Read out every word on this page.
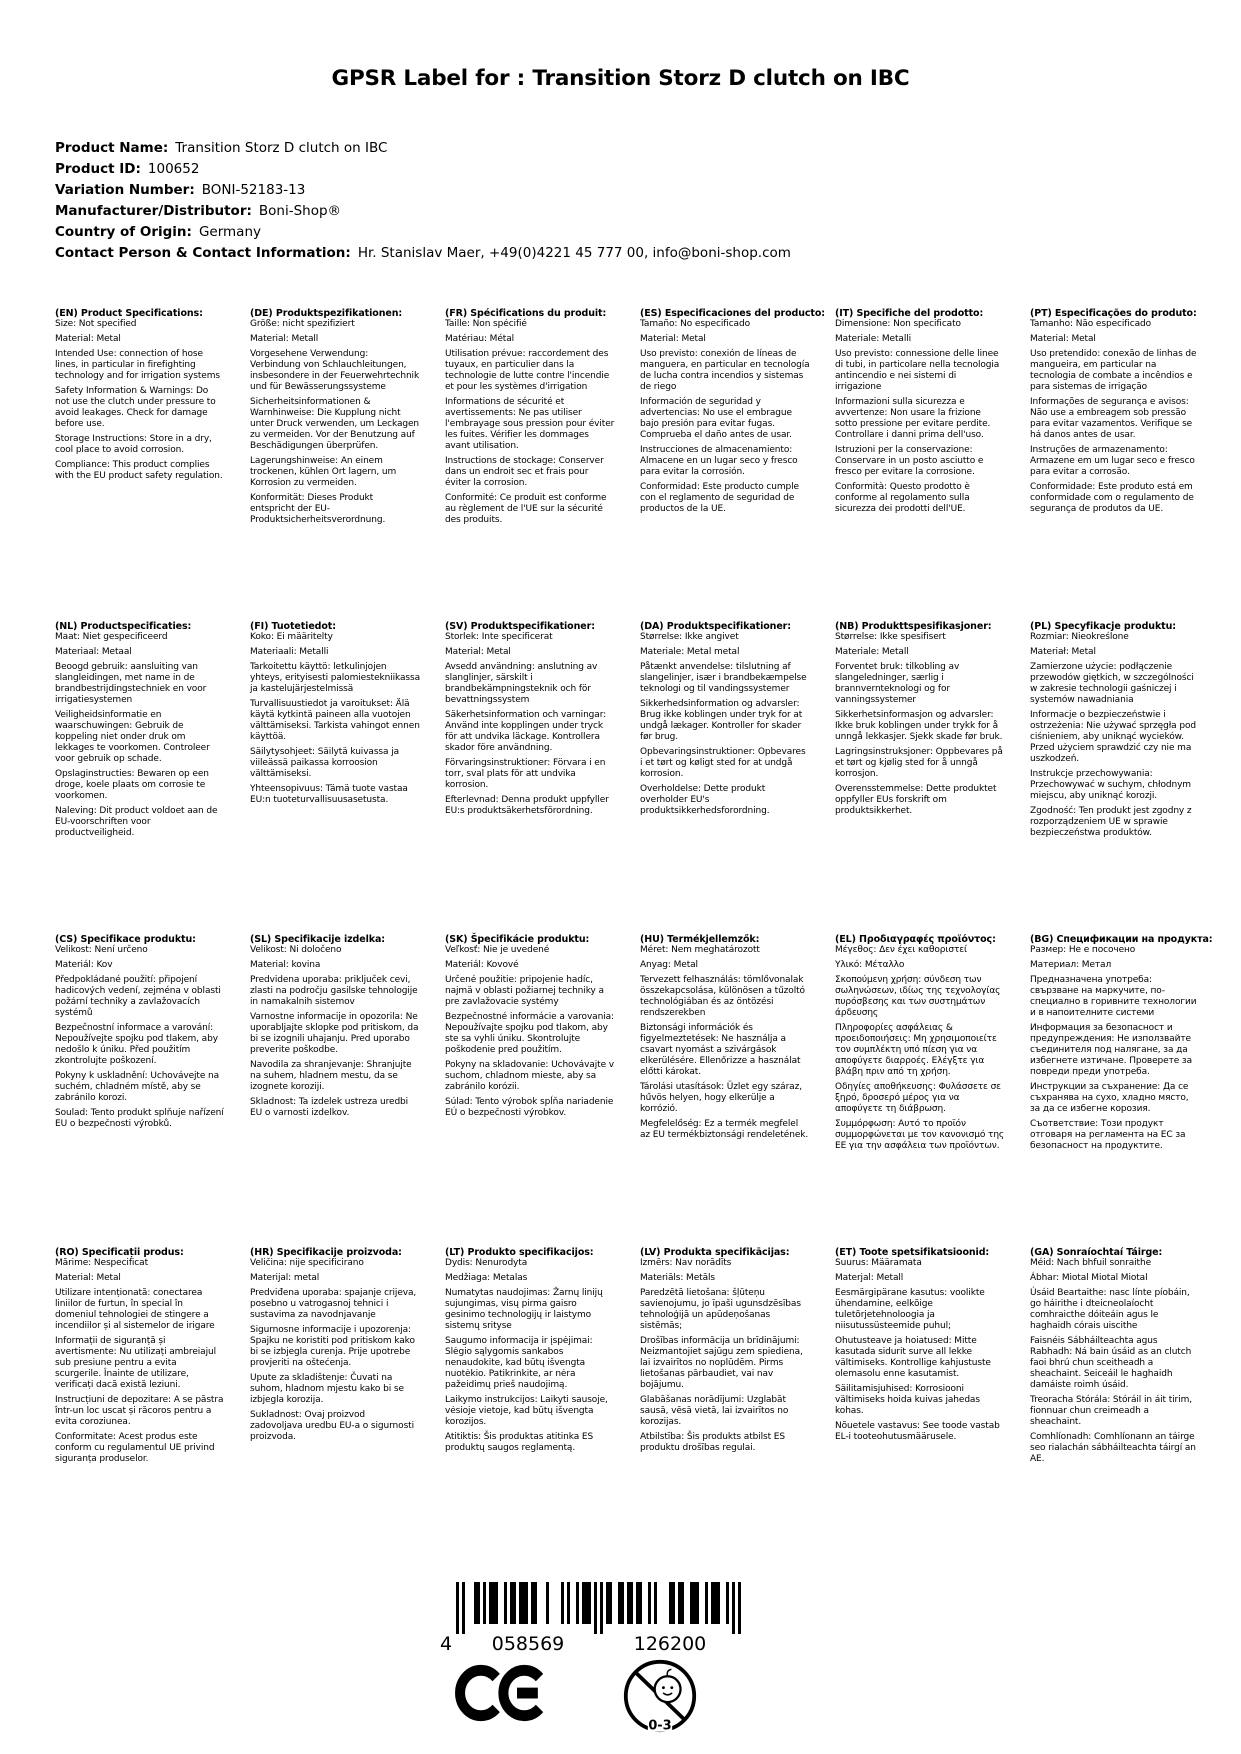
GPSR Label for : Transition Storz D clutch on IBC
Product Name: Transition Storz D clutch on IBC
Product ID: 100652
Variation Number: BONI-52183-13
Manufacturer/Distributor: Boni-Shop®
Country of Origin: Germany
Contact Person & Contact Information: Hr. Stanislav Maer, +49(0)4221 45 777 00, info@boni-shop.com

(EN) Product Specifications:

Size: Not specified

Material: Metal

Intended Use: connection of hose lines, in particular in firefighting technology and for irrigation systems

Safety Information & Warnings: Do not use the clutch under pressure to avoid leakages. Check for damage before use.

Storage Instructions: Store in a dry, cool place to avoid corrosion.

Compliance: This product complies with the EU product safety regulation.

(DE) Produktspezifikationen:

Größe: nicht spezifiziert

Material: Metall

Vorgesehene Verwendung: Verbindung von Schlauchleitungen, insbesondere in der Feuerwehrtechnik und für Bewässerungssysteme

Sicherheitsinformationen & Warnhinweise: Die Kupplung nicht unter Druck verwenden, um Leckagen zu vermeiden. Vor der Benutzung auf Beschädigungen überprüfen.

Lagerungshinweise: An einem trockenen, kühlen Ort lagern, um Korrosion zu vermeiden.

Konformität: Dieses Produkt entspricht der EU-Produktsicherheitsverordnung.

(FR) Spécifications du produit:

Taille: Non spécifié

Matériau: Métal

Utilisation prévue: raccordement des tuyaux, en particulier dans la technologie de lutte contre l'incendie et pour les systèmes d'irrigation

Informations de sécurité et avertissements: Ne pas utiliser l'embrayage sous pression pour éviter les fuites. Vérifier les dommages avant utilisation.

Instructions de stockage: Conserver dans un endroit sec et frais pour éviter la corrosion.

Conformité: Ce produit est conforme au règlement de l'UE sur la sécurité des produits.

(ES) Especificaciones del producto:

Tamaño: No especificado

Material: Metal

Uso previsto: conexión de líneas de manguera, en particular en tecnología de lucha contra incendios y sistemas de riego

Información de seguridad y advertencias: No use el embrague bajo presión para evitar fugas. Comprueba el daño antes de usar.

Instrucciones de almacenamiento: Almacene en un lugar seco y fresco para evitar la corrosión.

Conformidad: Este producto cumple con el reglamento de seguridad de productos de la UE.

(IT) Specifiche del prodotto:

Dimensione: Non specificato

Materiale: Metalli

Uso previsto: connessione delle linee di tubi, in particolare nella tecnologia antincendio e nei sistemi di irrigazione

Informazioni sulla sicurezza e avvertenze: Non usare la frizione sotto pressione per evitare perdite. Controllare i danni prima dell'uso.

Istruzioni per la conservazione: Conservare in un posto asciutto e fresco per evitare la corrosione.

Conformità: Questo prodotto è conforme al regolamento sulla sicurezza dei prodotti dell'UE.

(PT) Especificações do produto:

Tamanho: Não especificado

Material: Metal

Uso pretendido: conexão de linhas de mangueira, em particular na tecnologia de combate a incêndios e para sistemas de irrigação

Informações de segurança e avisos: Não use a embreagem sob pressão para evitar vazamentos. Verifique se há danos antes de usar.

Instruções de armazenamento: Armazene em um lugar seco e fresco para evitar a corrosão.

Conformidade: Este produto está em conformidade com o regulamento de segurança de produtos da UE.

(NL) Productspecificaties:

Maat: Niet gespecificeerd

Materiaal: Metaal

Beoogd gebruik: aansluiting van slangleidingen, met name in de brandbestrijdingstechniek en voor irrigatiesystemen

Veiligheidsinformatie en waarschuwingen: Gebruik de koppeling niet onder druk om lekkages te voorkomen. Controleer voor gebruik op schade.

Opslaginstructies: Bewaren op een droge, koele plaats om corrosie te voorkomen.

Naleving: Dit product voldoet aan de EU-voorschriften voor productveiligheid.

(FI) Tuotetiedot:

Koko: Ei määritelty

Materiaali: Metalli

Tarkoitettu käyttö: letkulinjojen yhteys, erityisesti palomiestekniikassa ja kastelujärjestelmissä

Turvallisuustiedot ja varoitukset: Älä käytä kytkintä paineen alla vuotojen välttämiseksi. Tarkista vahingot ennen käyttöä.

Säilytysohjeet: Säilytä kuivassa ja viileässä paikassa korroosion välttämiseksi.

Yhteensopivuus: Tämä tuote vastaa EU:n tuoteturvallisuusasetusta.

(SV) Produktspecifikationer:

Storlek: Inte specificerat

Material: Metal

Avsedd användning: anslutning av slanglinjer, särskilt i brandbekämpningsteknik och för bevattningssystem

Säkerhetsinformation och varningar: Använd inte kopplingen under tryck för att undvika läckage. Kontrollera skador före användning.

Förvaringsinstruktioner: Förvara i en torr, sval plats för att undvika korrosion.

Efterlevnad: Denna produkt uppfyller EU:s produktsäkerhetsförordning.

(DA) Produktspecifikationer:

Størrelse: Ikke angivet

Materiale: Metal metal

Påtænkt anvendelse: tilslutning af slangelinjer, især i brandbekæmpelse teknologi og til vandingssystemer

Sikkerhedsinformation og advarsler: Brug ikke koblingen under tryk for at undgå lækager. Kontroller for skader før brug.

Opbevaringsinstruktioner: Opbevares i et tørt og køligt sted for at undgå korrosion.

Overholdelse: Dette produkt overholder EU's produktsikkerhedsforordning.

(NB) Produkttspesifikasjoner:

Størrelse: Ikke spesifisert

Materiale: Metall

Forventet bruk: tilkobling av slangeledninger, særlig i brannvernteknologi og for vanningssystemer

Sikkerhetsinformasjon og advarsler: Ikke bruk koblingen under trykk for å unngå lekkasjer. Sjekk skade før bruk.

Lagringsinstruksjoner: Oppbevares på et tørt og kjølig sted for å unngå korrosjon.

Overensstemmelse: Dette produktet oppfyller EUs forskrift om produktsikkerhet.

(PL) Specyfikacje produktu:

Rozmiar: Nieokreślone

Materiał: Metal

Zamierzone użycie: podłączenie przewodów giętkich, w szczególności w zakresie technologii gaśniczej i systemów nawadniania

Informacje o bezpieczeństwie i ostrzeżenia: Nie używać sprzęgła pod ciśnieniem, aby uniknąć wycieków. Przed użyciem sprawdzić czy nie ma uszkodzeń.

Instrukcje przechowywania: Przechowywać w suchym, chłodnym miejscu, aby uniknąć korozji.

Zgodność: Ten produkt jest zgodny z rozporządzeniem UE w sprawie bezpieczeństwa produktów.

(CS) Specifikace produktu:

Velikost: Není určeno

Materiál: Kov

Předpokládané použití: připojení hadicových vedení, zejména v oblasti požární techniky a zavlažovacích systémů

Bezpečnostní informace a varování: Nepoužívejte spojku pod tlakem, aby nedošlo k úniku. Před použitím zkontrolujte poškození.

Pokyny k uskladnění: Uchovávejte na suchém, chladném místě, aby se zabránilo korozi.

Soulad: Tento produkt splňuje nařízení EU o bezpečnosti výrobků.

(SL) Specifikacije izdelka:

Velikost: Ni določeno

Material: kovina

Predvidena uporaba: priključek cevi, zlasti na področju gasilske tehnologije in namakalnih sistemov

Varnostne informacije in opozorila: Ne uporabljajte sklopke pod pritiskom, da bi se izognili uhajanju. Pred uporabo preverite poškodbe.

Navodila za shranjevanje: Shranjujte na suhem, hladnem mestu, da se izognete koroziji.

Skladnost: Ta izdelek ustreza uredbi EU o varnosti izdelkov.

(SK) Špecifikácie produktu:

Veľkosť: Nie je uvedené

Materiál: Kovové

Určené použitie: pripojenie hadíc, najmä v oblasti požiarnej techniky a pre zavlažovacie systémy

Bezpečnostné informácie a varovania: Nepoužívajte spojku pod tlakom, aby ste sa vyhli úniku. Skontrolujte poškodenie pred použitím.

Pokyny na skladovanie: Uchovávajte v suchom, chladnom mieste, aby sa zabránilo korózii.

Súlad: Tento výrobok spĺňa nariadenie EÚ o bezpečnosti výrobkov.

(HU) Termékjellemzők:

Méret: Nem meghatározott

Anyag: Metal

Tervezett felhasználás: tömlővonalak összekapcsolása, különösen a tűzoltó technológiában és az öntözési rendszerekben

Biztonsági információk és figyelmeztetések: Ne használja a csavart nyomást a szivárgások elkerülésére. Ellenőrizze a használat előtti károkat.

Tárolási utasítások: Üzlet egy száraz, hűvös helyen, hogy elkerülje a korrózió.

Megfelelőség: Ez a termék megfelel az EU termékbiztonsági rendeletének.

(EL) Προδιαγραφές προϊόντος:

Μέγεθος: Δεν έχει καθοριστεί

Υλικό: Μέταλλο

Σκοπούμενη χρήση: σύνδεση των σωληνώσεων, ιδίως της τεχνολογίας πυρόσβεσης και των συστημάτων άρδευσης

Πληροφορίες ασφάλειας & προειδοποιήσεις: Μη χρησιμοποιείτε τον συμπλέκτη υπό πίεση για να αποφύγετε διαρροές. Ελέγξτε για βλάβη πριν από τη χρήση.

Οδηγίες αποθήκευσης: Φυλάσσετε σε ξηρό, δροσερό μέρος για να αποφύγετε τη διάβρωση.

Συμμόρφωση: Αυτό το προϊόν συμμορφώνεται με τον κανονισμό της ΕΕ για την ασφάλεια των προϊόντων.

(BG) Спецификации на продукта:

Размер: Не е посочено

Материал: Метал

Предназначена употреба: свързване на маркучите, по-специално в горивните технологии и в напоителните системи

Информация за безопасност и предупреждения: Не използвайте съединителя под налягане, за да избегнете изтичане. Проверете за повреди преди употреба.

Инструкции за съхранение: Да се съхранява на сухо, хладно място, за да се избегне корозия.

Съответствие: Този продукт отговаря на регламента на ЕС за безопасност на продуктите.

(RO) Specificații produs:

Mărime: Nespecificat

Material: Metal

Utilizare intenționată: conectarea liniilor de furtun, în special în domeniul tehnologiei de stingere a incendiilor și al sistemelor de irigare

Informații de siguranță și avertismente: Nu utilizați ambreiajul sub presiune pentru a evita scurgerile. Înainte de utilizare, verificați dacă există leziuni.

Instrucțiuni de depozitare: A se păstra într-un loc uscat și răcoros pentru a evita coroziunea.

Conformitate: Acest produs este conform cu regulamentul UE privind siguranța produselor.

(HR) Specifikacije proizvoda:

Veličina: nije specificirano

Materijal: metal

Predviđena uporaba: spajanje crijeva, posebno u vatrogasnoj tehnici i sustavima za navodnjavanje

Sigurnosne informacije i upozorenja: Spajku ne koristiti pod pritiskom kako bi se izbjegla curenja. Prije upotrebe provjeriti na oštećenja.

Upute za skladištenje: Čuvati na suhom, hladnom mjestu kako bi se izbjegla korozija.

Sukladnost: Ovaj proizvod zadovoljava uredbu EU-a o sigurnosti proizvoda.

(LT) Produkto specifikacijos:

Dydis: Nenurodyta

Medžiaga: Metalas

Numatytas naudojimas: Žarnų linijų sujungimas, visų pirma gaisro gesinimo technologijų ir laistymo sistemų srityse

Saugumo informacija ir įspėjimai: Slėgio sąlygomis sankabos nenaudokite, kad būtų išvengta nuotėkio. Patikrinkite, ar nėra pažeidimų prieš naudojimą.

Laikymo instrukcijos: Laikyti sausoje, vėsioje vietoje, kad būtų išvengta korozijos.

Atitiktis: Šis produktas atitinka ES produktų saugos reglamentą.

(LV) Produkta specifikācijas:

Izmērs: Nav norādīts

Materiāls: Metāls

Paredzētā lietošana: šļūteņu savienojumu, jo īpaši ugunsdzēsības tehnoloģijā un apūdeņošanas sistēmās;

Drošības informācija un brīdinājumi: Neizmantojiet sajūgu zem spiediena, lai izvairītos no noplūdēm. Pirms lietošanas pārbaudiet, vai nav bojājumu.

Glabāšanas norādījumi: Uzglabāt sausā, vēsā vietā, lai izvairītos no korozijas.

Atbilstība: Šis produkts atbilst ES produktu drošības regulai.

(ET) Toote spetsifikatsioonid:

Suurus: Määramata

Materjal: Metall

Eesmärgipärane kasutus: voolikte ühendamine, eelkõige tuletõrjetehnoloogia ja niisutussüsteemide puhul;

Ohutusteave ja hoiatused: Mitte kasutada sidurit surve all lekke vältimiseks. Kontrollige kahjustuste olemasolu enne kasutamist.

Säilitamisjuhised: Korrosiooni vältimiseks hoida kuivas jahedas kohas.

Nõuetele vastavus: See toode vastab EL-i tooteohutusmäärusele.

(GA) Sonraíochtaí Táirge:

Méid: Nach bhfuil sonraithe

Ábhar: Miotal Miotal Miotal

Úsáid Beartaithe: nasc línte píobáin, go háirithe i dteicneolaíocht comhraicthe dóiteáin agus le haghaidh córais uiscithe

Faisnéis Sábháilteachta agus Rabhadh: Ná bain úsáid as an clutch faoi bhrú chun sceitheadh a sheachaint. Seiceáil le haghaidh damáiste roimh úsáid.

Treoracha Stórála: Stóráil in áit tirim, fionnuar chun creimeadh a sheachaint.

Comhlíonadh: Comhlíonann an táirge seo rialachán sábháilteachta táirgí an AE.

4 058569	126200
0-3
